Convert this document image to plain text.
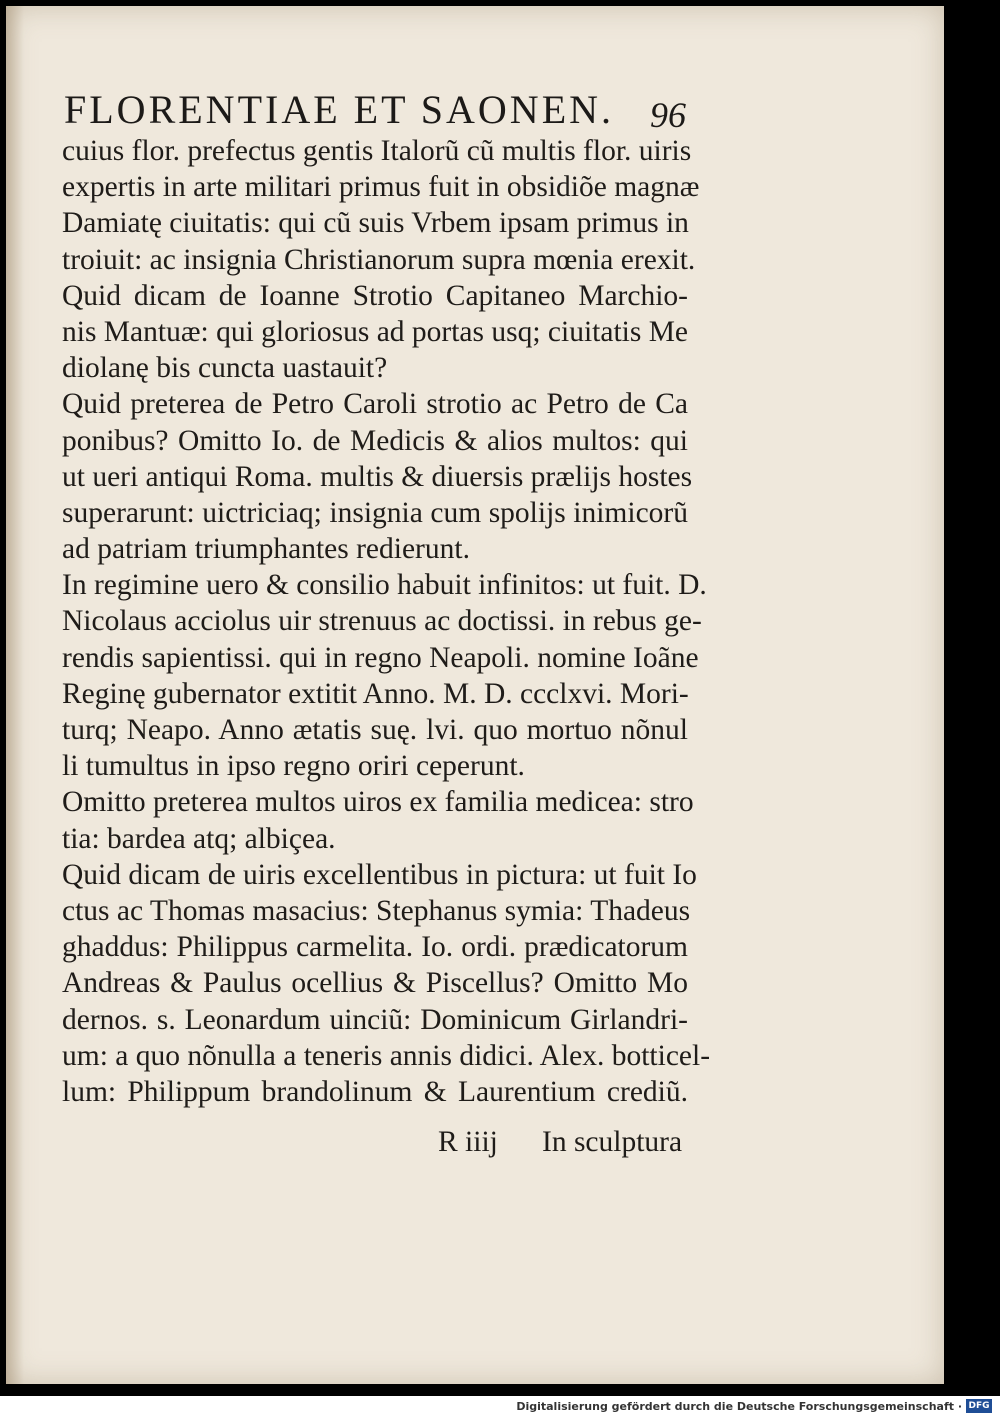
FLORENTIAE ET SAONEN. 96
cuius flor. prefectus gentis Italorũ cũ multis flor. uiris
expertis in arte militari primus fuit in obsidiõe magnæ
Damiatę ciuitatis: qui cũ suis Vrbem ipsam primus in
troiuit: ac insignia Christianorum supra mœnia erexit.
Quid dicam de Ioanne Strotio Capitaneo Marchio-
nis Mantuæ: qui gloriosus ad portas usq; ciuitatis Me
diolanę bis cuncta uastauit?
Quid preterea de Petro Caroli strotio ac Petro de Ca
ponibus? Omitto Io. de Medicis & alios multos: qui
ut ueri antiqui Roma. multis & diuersis prælijs hostes
superarunt: uictriciaq; insignia cum spolijs inimicorũ
ad patriam triumphantes redierunt.
In regimine uero & consilio habuit infinitos: ut fuit. D.
Nicolaus acciolus uir strenuus ac doctissi. in rebus ge-
rendis sapientissi. qui in regno Neapoli. nomine Ioãne
Reginę gubernator extitit Anno. M. D. ccclxvi. Mori-
turq; Neapo. Anno ætatis suę. lvi. quo mortuo nõnul
li tumultus in ipso regno oriri ceperunt.
Omitto preterea multos uiros ex familia medicea: stro
tia: bardea atq; albiçea.
Quid dicam de uiris excellentibus in pictura: ut fuit Io
ctus ac Thomas masacius: Stephanus symia: Thadeus
ghaddus: Philippus carmelita. Io. ordi. prædicatorum
Andreas & Paulus ocellius & Piscellus? Omitto Mo
dernos. s. Leonardum uinciũ: Dominicum Girlandri-
um: a quo nõnulla a teneris annis didici. Alex. botticel-
lum: Philippum brandolinum & Laurentium crediũ.
R iiij In sculptura
Digitalisierung gefördert durch die Deutsche Forschungsgemeinschaft · DFG
